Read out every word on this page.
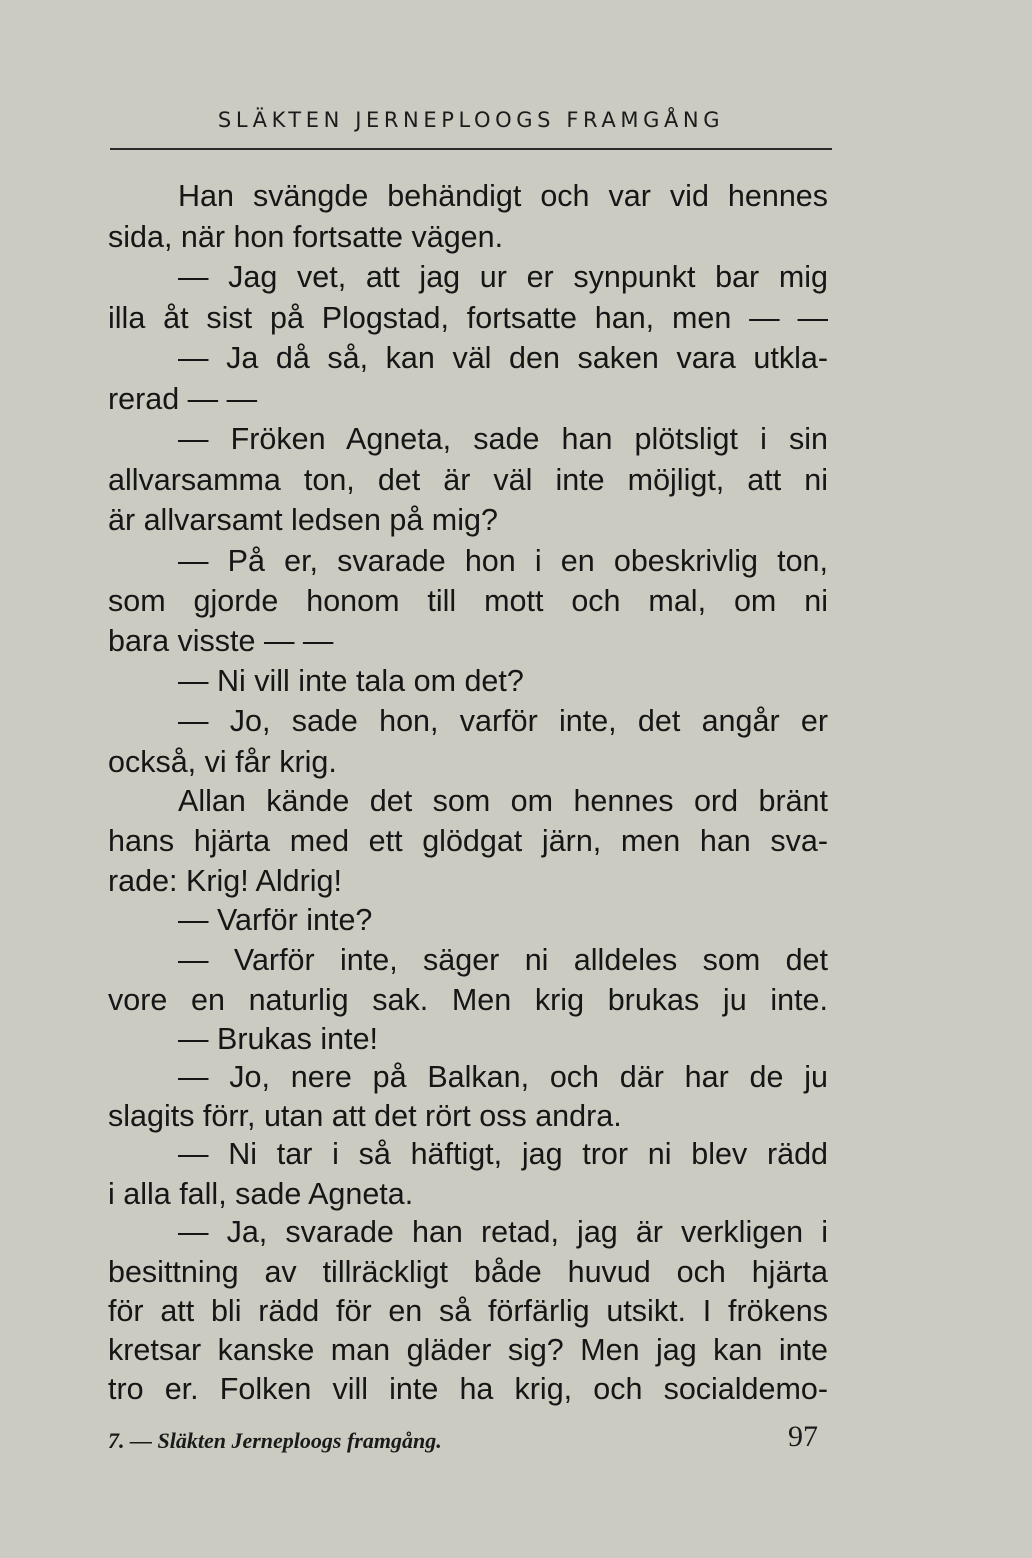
SLÄKTEN JERNEPLOOGS FRAMGÅNG
Han svängde behändigt och var vid hennes
sida, när hon fortsatte vägen.
— Jag vet, att jag ur er synpunkt bar mig
illa åt sist på Plogstad, fortsatte han, men — —
— Ja då så, kan väl den saken vara utkla-
rerad — —
— Fröken Agneta, sade han plötsligt i sin
allvarsamma ton, det är väl inte möjligt, att ni
är allvarsamt ledsen på mig?
— På er, svarade hon i en obeskrivlig ton,
som gjorde honom till mott och mal, om ni
bara visste — —
— Ni vill inte tala om det?
— Jo, sade hon, varför inte, det angår er
också, vi får krig.
Allan kände det som om hennes ord bränt
hans hjärta med ett glödgat järn, men han sva-
rade: Krig! Aldrig!
— Varför inte?
— Varför inte, säger ni alldeles som det
vore en naturlig sak. Men krig brukas ju inte.
— Brukas inte!
— Jo, nere på Balkan, och där har de ju
slagits förr, utan att det rört oss andra.
— Ni tar i så häftigt, jag tror ni blev rädd
i alla fall, sade Agneta.
— Ja, svarade han retad, jag är verkligen i
besittning av tillräckligt både huvud och hjärta
för att bli rädd för en så förfärlig utsikt. I frökens
kretsar kanske man gläder sig? Men jag kan inte
tro er. Folken vill inte ha krig, och socialdemo-
7. — Släkten Jerneploogs framgång.	97
